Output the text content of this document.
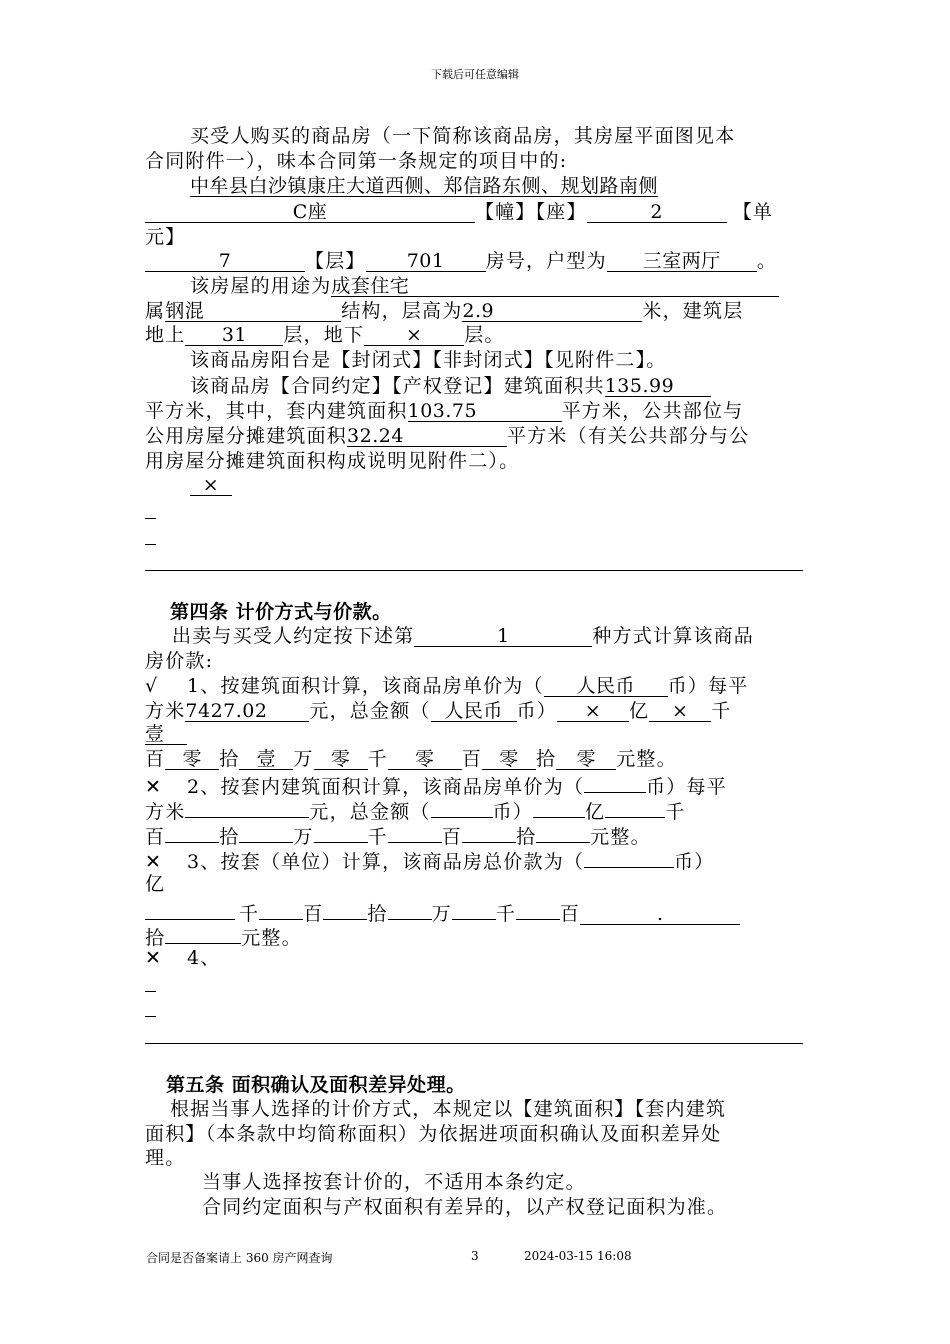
下载后可任意编辑
买受人购买的商品房（一下简称该商品房，其房屋平面图见本
合同附件一），味本合同第一条规定的项目中的:
中牟县白沙镇康庄大道西侧、郑信路东侧、规划路南侧
C座	【幢】【座】	2	【单
元】
7	【层】 701 房号，户型为 三室两厅 。
该房屋的用途为成套住宅
属钢混	结构，层高为2.9	米，建筑层
地上 31 层，地下 × 层。
该商品房阳台是【封闭式】【非封闭式】【见附件二】。
该商品房【合同约定】【产权登记】建筑面积共135.99
平方米，其中，套内建筑面积103.75	平方米，公共部位与
公用房屋分摊建筑面积32.24	平方米（有关公共部分与公
用房屋分摊建筑面积构成说明见附件二）。
×
第四条 计价方式与价款。
出卖与买受人约定按下述第	1	种方式计算该商品
房价款:
√ 1、按建筑面积计算，该商品房单价为（ 人民币 币）每平
方米7427.02 元，总金额（ 人民币 币） × 亿 × 千
壹
百 零 拾 壹 万 零 千 零 百 零 拾 零 元整。
✕ 2、按套内建筑面积计算，该商品房单价为（	币）每平
方米	元，总金额（	币）	亿	千
百	拾	万	千	百	拾	元整。
✕ 3、按套（单位）计算，该商品房总价款为（	币）
亿
千 百 拾 万 千 百	.
拾	元整。
✕ 4、
第五条 面积确认及面积差异处理。
根据当事人选择的计价方式，本规定以【建筑面积】【套内建筑
面积】（本条款中均简称面积）为依据进项面积确认及面积差异处
理。
当事人选择按套计价的，不适用本条约定。
合同约定面积与产权面积有差异的，以产权登记面积为准。
合同是否备案请上 360 房产网查询	3	2024-03-15 16:08
